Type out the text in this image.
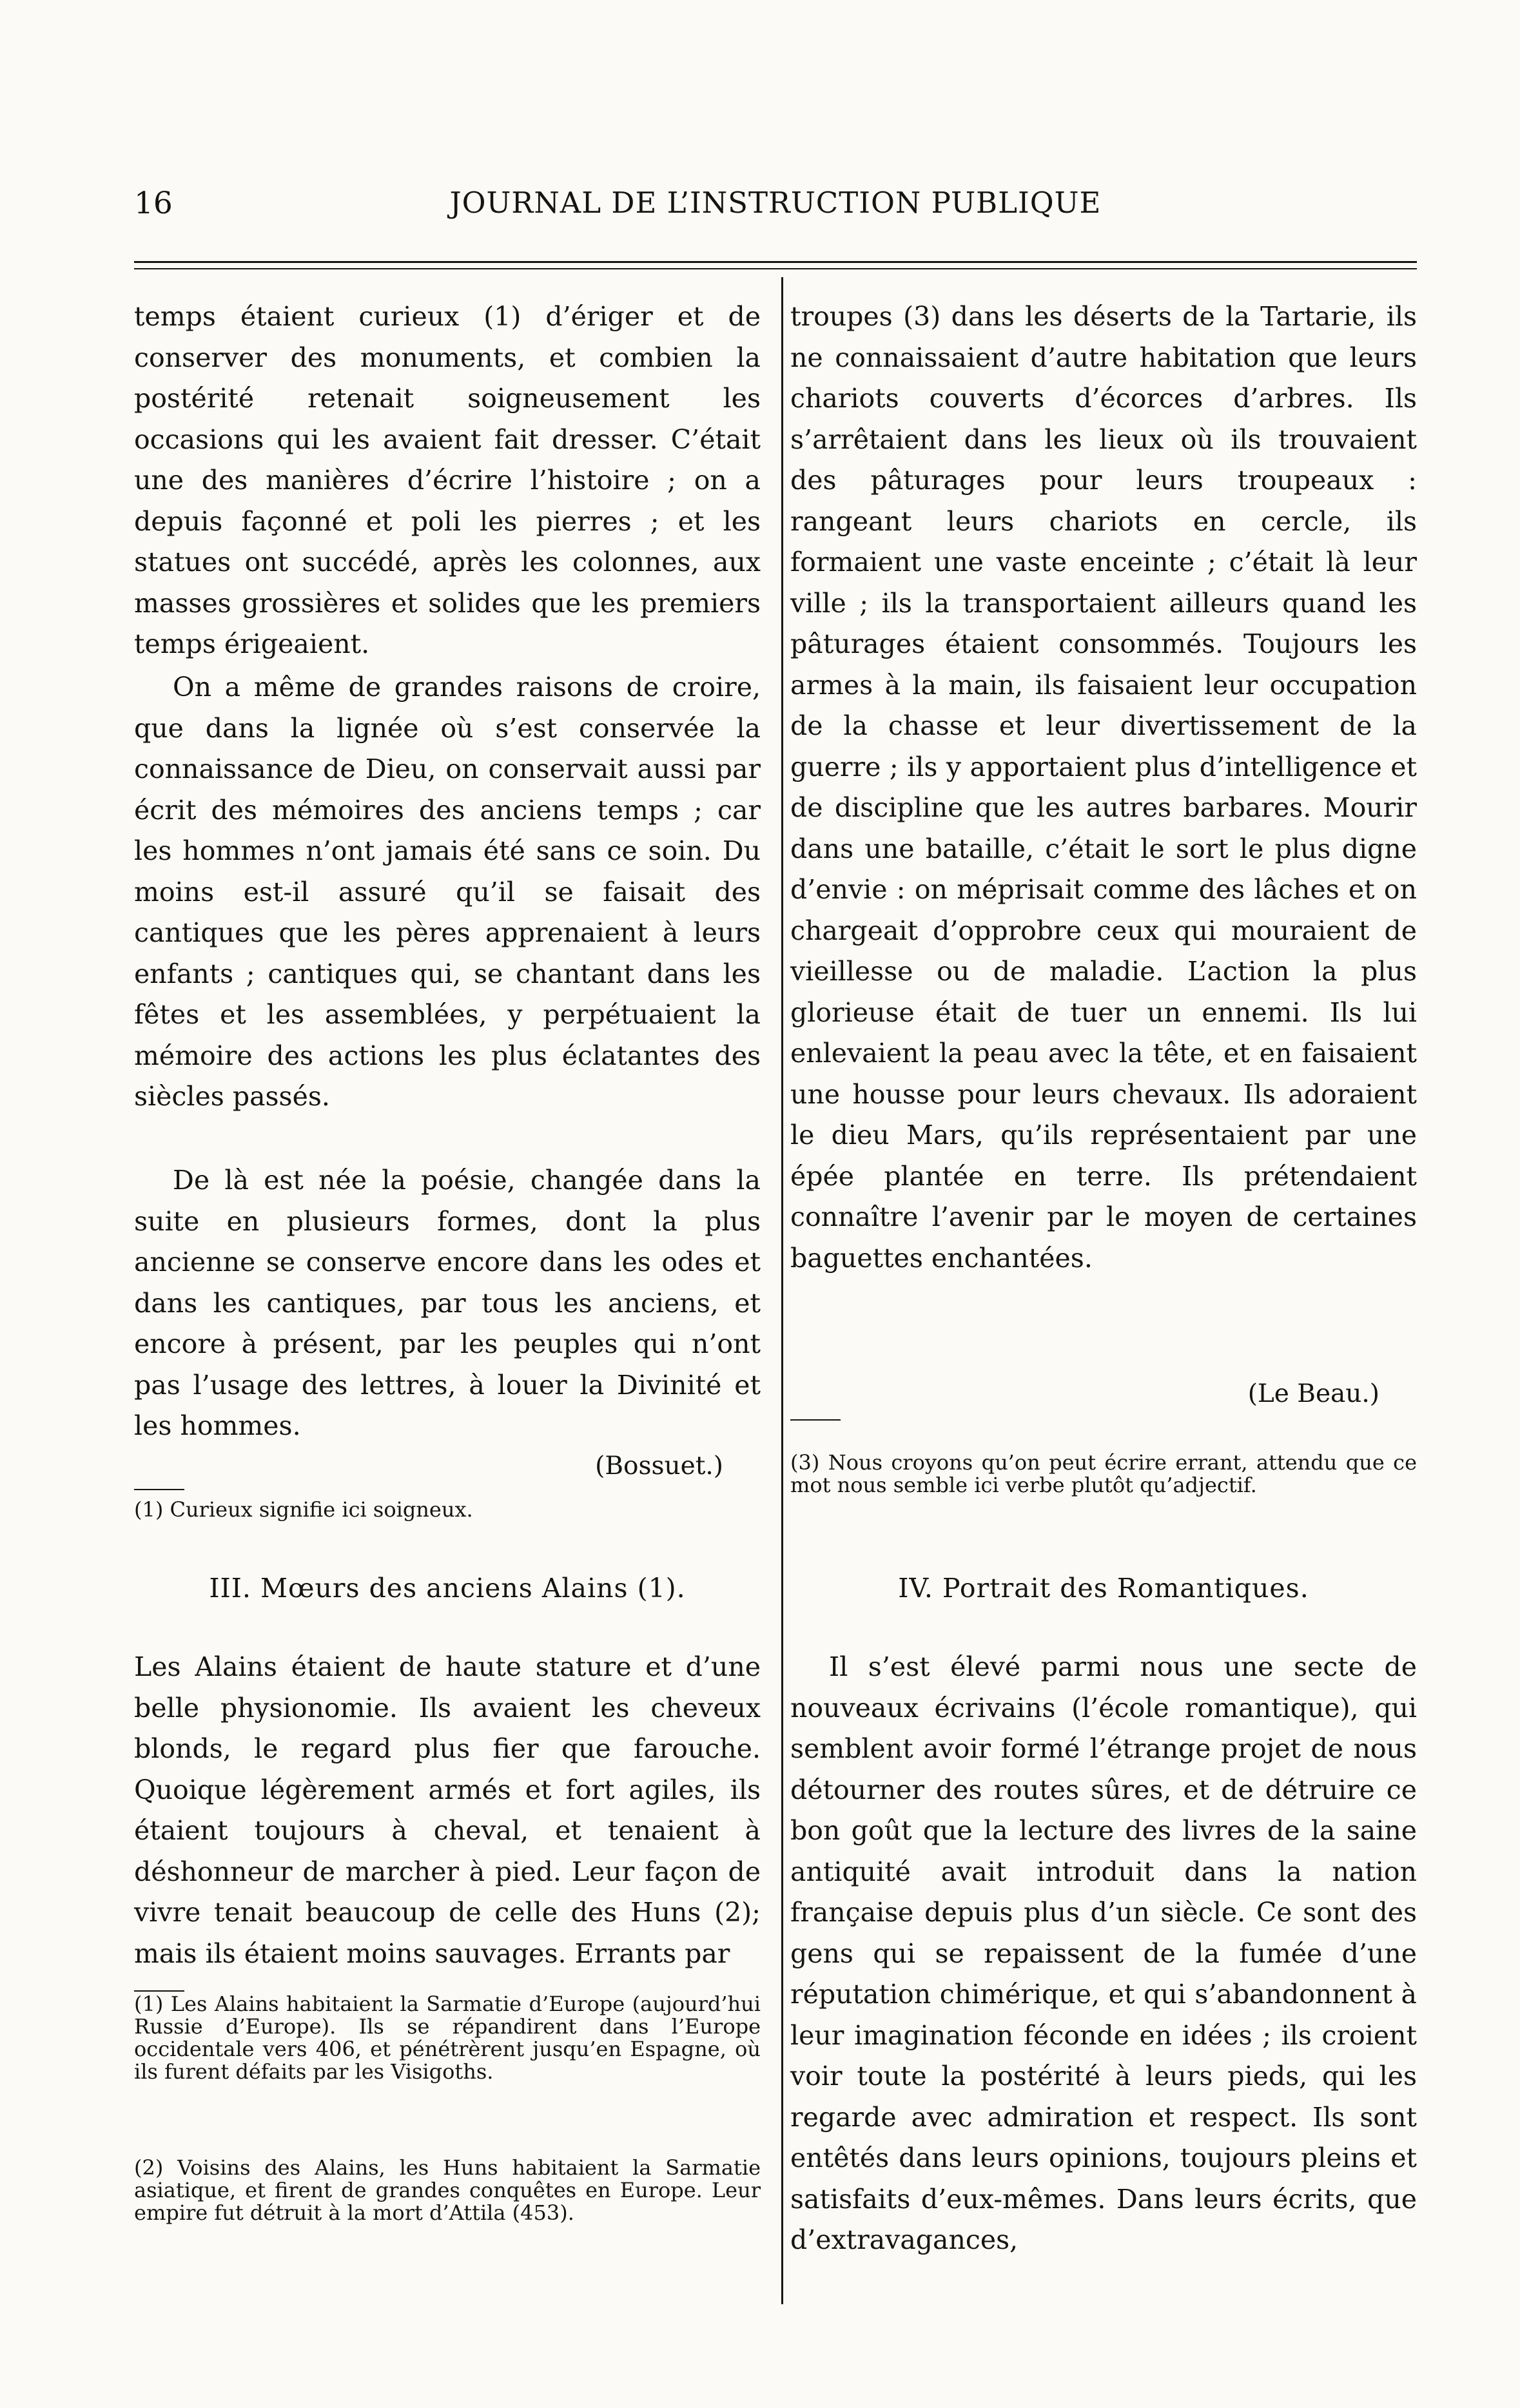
16	JOURNAL DE L’INSTRUCTION PUBLIQUE

temps étaient curieux (1) d’ériger et de conserver des monuments, et combien la postérité retenait soigneusement les occasions qui les avaient fait dresser. C’était une des manières d’écrire l’histoire ; on a depuis façonné et poli les pierres ; et les statues ont succédé, après les colonnes, aux masses grossières et solides que les premiers temps érigeaient.

On a même de grandes raisons de croire, que dans la lignée où s’est conservée la connaissance de Dieu, on conservait aussi par écrit des mémoires des anciens temps ; car les hommes n’ont jamais été sans ce soin. Du moins est-il assuré qu’il se faisait des cantiques que les pères apprenaient à leurs enfants ; cantiques qui, se chantant dans les fêtes et les assemblées, y perpétuaient la mémoire des actions les plus éclatantes des siècles passés.

De là est née la poésie, changée dans la suite en plusieurs formes, dont la plus ancienne se conserve encore dans les odes et dans les cantiques, par tous les anciens, et encore à présent, par les peuples qui n’ont pas l’usage des lettres, à louer la Divinité et les hommes.

(Bossuet.)

(1) Curieux signifie ici soigneux.

III. Mœurs des anciens Alains (1).

Les Alains étaient de haute stature et d’une belle physionomie. Ils avaient les cheveux blonds, le regard plus fier que farouche. Quoique légèrement armés et fort agiles, ils étaient toujours à cheval, et tenaient à déshonneur de marcher à pied. Leur façon de vivre tenait beaucoup de celle des Huns (2); mais ils étaient moins sauvages. Errants par

(1) Les Alains habitaient la Sarmatie d’Europe (aujourd’hui Russie d’Europe). Ils se répandirent dans l’Europe occidentale vers 406, et pénétrèrent jusqu’en Espagne, où ils furent défaits par les Visigoths.

(2) Voisins des Alains, les Huns habitaient la Sarmatie asiatique, et firent de grandes conquêtes en Europe. Leur empire fut détruit à la mort d’Attila (453).

troupes (3) dans les déserts de la Tartarie, ils ne connaissaient d’autre habitation que leurs chariots couverts d’écorces d’arbres. Ils s’arrêtaient dans les lieux où ils trouvaient des pâturages pour leurs troupeaux : rangeant leurs chariots en cercle, ils formaient une vaste enceinte ; c’était là leur ville ; ils la transportaient ailleurs quand les pâturages étaient consommés. Toujours les armes à la main, ils faisaient leur occupation de la chasse et leur divertissement de la guerre ; ils y apportaient plus d’intelligence et de discipline que les autres barbares. Mourir dans une bataille, c’était le sort le plus digne d’envie : on méprisait comme des lâches et on chargeait d’opprobre ceux qui mouraient de vieillesse ou de maladie. L’action la plus glorieuse était de tuer un ennemi. Ils lui enlevaient la peau avec la tête, et en faisaient une housse pour leurs chevaux. Ils adoraient le dieu Mars, qu’ils représentaient par une épée plantée en terre. Ils prétendaient connaître l’avenir par le moyen de certaines baguettes enchantées.

(Le Beau.)

(3) Nous croyons qu’on peut écrire errant, attendu que ce mot nous semble ici verbe plutôt qu’adjectif.

IV. Portrait des Romantiques.

Il s’est élevé parmi nous une secte de nouveaux écrivains (l’école romantique), qui semblent avoir formé l’étrange projet de nous détourner des routes sûres, et de détruire ce bon goût que la lecture des livres de la saine antiquité avait introduit dans la nation française depuis plus d’un siècle. Ce sont des gens qui se repaissent de la fumée d’une réputation chimérique, et qui s’abandonnent à leur imagination féconde en idées ; ils croient voir toute la postérité à leurs pieds, qui les regarde avec admiration et respect. Ils sont entêtés dans leurs opinions, toujours pleins et satisfaits d’eux-mêmes. Dans leurs écrits, que d’extravagances,
